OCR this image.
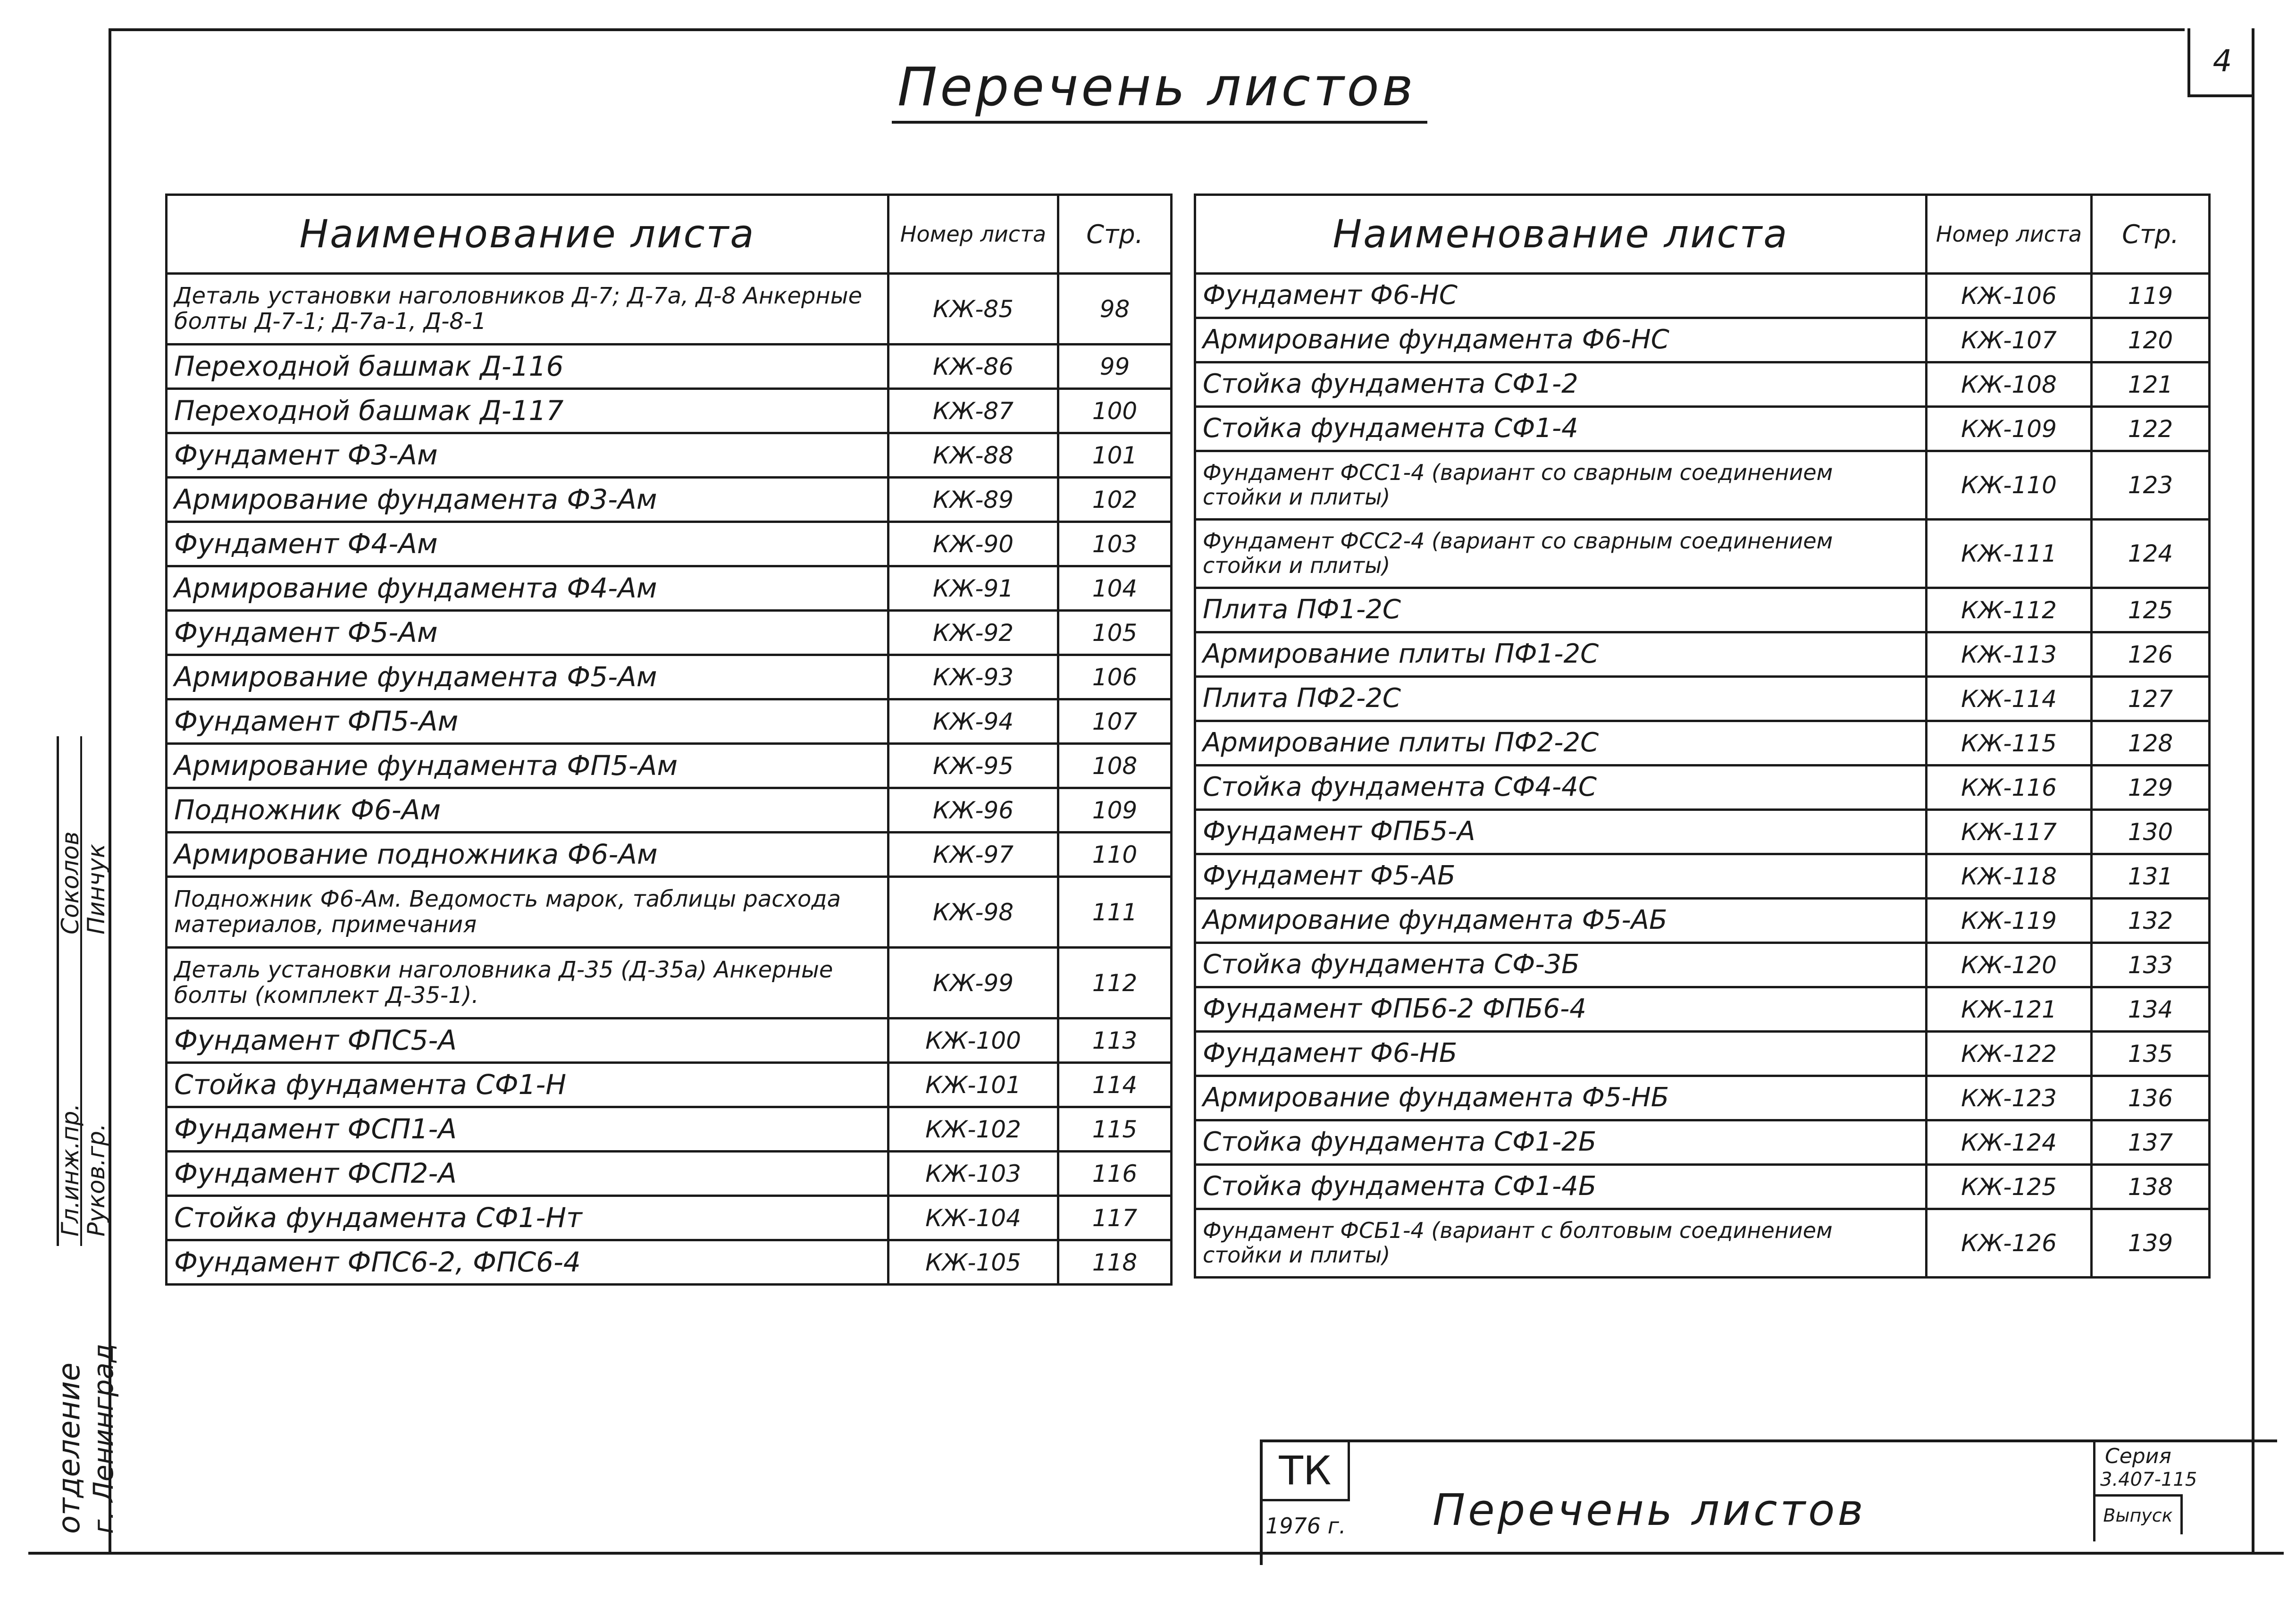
4
Перечень листов
Наименование листа	Номер листа	Стр.
Деталь установки наголовников Д-7; Д-7а, Д-8 Анкерные болты Д-7-1; Д-7а-1, Д-8-1	КЖ-85	98
Переходной башмак Д-116	КЖ-86	99
Переходной башмак Д-117	КЖ-87	100
Фундамент Ф3-Ам	КЖ-88	101
Армирование фундамента Ф3-Ам	КЖ-89	102
Фундамент Ф4-Ам	КЖ-90	103
Армирование фундамента Ф4-Ам	КЖ-91	104
Фундамент Ф5-Ам	КЖ-92	105
Армирование фундамента Ф5-Ам	КЖ-93	106
Фундамент ФП5-Ам	КЖ-94	107
Армирование фундамента ФП5-Ам	КЖ-95	108
Подножник Ф6-Ам	КЖ-96	109
Армирование подножника Ф6-Ам	КЖ-97	110
Подножник Ф6-Ам. Ведомость марок, таблицы расхода материалов, примечания	КЖ-98	111
Деталь установки наголовника Д-35 (Д-35а) Анкерные болты (комплект Д-35-1).	КЖ-99	112
Фундамент ФПС5-А	КЖ-100	113
Стойка фундамента СФ1-Н	КЖ-101	114
Фундамент ФСП1-А	КЖ-102	115
Фундамент ФСП2-А	КЖ-103	116
Стойка фундамента СФ1-Нт	КЖ-104	117
Фундамент ФПС6-2, ФПС6-4	КЖ-105	118
Наименование листа	Номер листа	Стр.
Фундамент Ф6-НС	КЖ-106	119
Армирование фундамента Ф6-НС	КЖ-107	120
Стойка фундамента СФ1-2	КЖ-108	121
Стойка фундамента СФ1-4	КЖ-109	122
Фундамент ФСС1-4 (вариант со сварным соединением стойки и плиты)	КЖ-110	123
Фундамент ФСС2-4 (вариант со сварным соединением стойки и плиты)	КЖ-111	124
Плита ПФ1-2С	КЖ-112	125
Армирование плиты ПФ1-2С	КЖ-113	126
Плита ПФ2-2С	КЖ-114	127
Армирование плиты ПФ2-2С	КЖ-115	128
Стойка фундамента СФ4-4С	КЖ-116	129
Фундамент ФПБ5-А	КЖ-117	130
Фундамент Ф5-АБ	КЖ-118	131
Армирование фундамента Ф5-АБ	КЖ-119	132
Стойка фундамента СФ-3Б	КЖ-120	133
Фундамент ФПБ6-2 ФПБ6-4	КЖ-121	134
Фундамент Ф6-НБ	КЖ-122	135
Армирование фундамента Ф5-НБ	КЖ-123	136
Стойка фундамента СФ1-2Б	КЖ-124	137
Стойка фундамента СФ1-4Б	КЖ-125	138
Фундамент ФСБ1-4 (вариант с болтовым соединением стойки и плиты)	КЖ-126	139
Гл.инж.пр.
Руков.гр.
Соколов
Пинчук
отделение г. Ленинград	ТК
1976 г. Перечень листов
Серия
3.407-115
Выпуск
